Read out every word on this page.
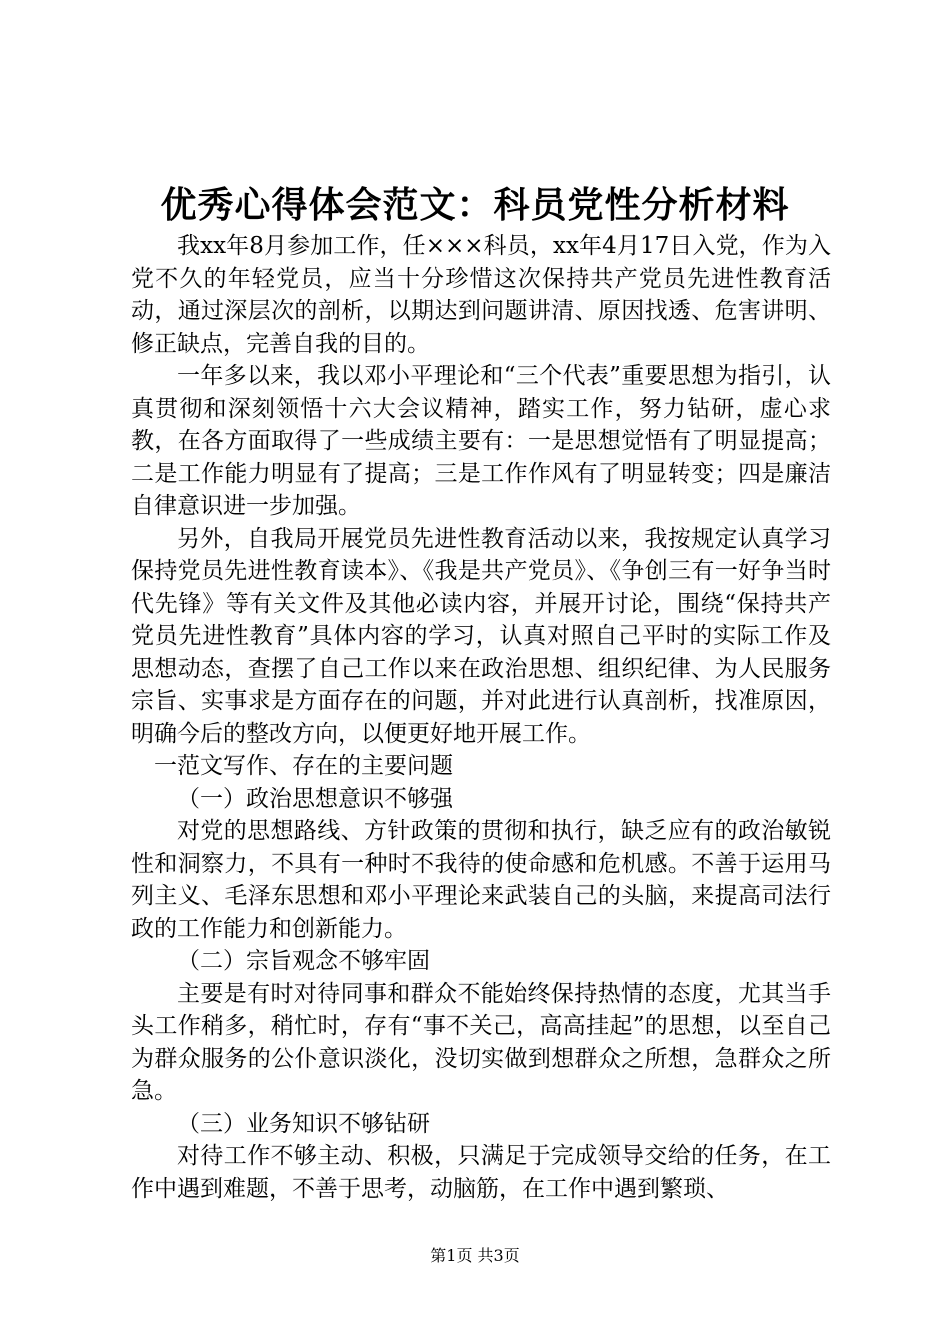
优秀心得体会范文：科员党性分析材料

我xx年8月参加工作，任×××科员，xx年4月17日入党，作为入党不久的年轻党员，应当十分珍惜这次保持共产党员先进性教育活动，通过深层次的剖析，以期达到问题讲清、原因找透、危害讲明、修正缺点，完善自我的目的。

一年多以来，我以邓小平理论和“三个代表”重要思想为指引，认真贯彻和深刻领悟十六大会议精神，踏实工作，努力钻研，虚心求教，在各方面取得了一些成绩主要有：一是思想觉悟有了明显提高；二是工作能力明显有了提高；三是工作作风有了明显转变；四是廉洁自律意识进一步加强。

另外，自我局开展党员先进性教育活动以来，我按规定认真学习保持党员先进性教育读本》、《我是共产党员》、《争创三有一好争当时代先锋》等有关文件及其他必读内容，并展开讨论，围绕“保持共产党员先进性教育”具体内容的学习，认真对照自己平时的实际工作及思想动态，查摆了自己工作以来在政治思想、组织纪律、为人民服务宗旨、实事求是方面存在的问题，并对此进行认真剖析，找准原因，明确今后的整改方向，以便更好地开展工作。

一范文写作、存在的主要问题

（一）政治思想意识不够强

对党的思想路线、方针政策的贯彻和执行，缺乏应有的政治敏锐性和洞察力，不具有一种时不我待的使命感和危机感。不善于运用马列主义、毛泽东思想和邓小平理论来武装自己的头脑，来提高司法行政的工作能力和创新能力。

（二）宗旨观念不够牢固

主要是有时对待同事和群众不能始终保持热情的态度，尤其当手头工作稍多，稍忙时，存有“事不关己，高高挂起”的思想，以至自己为群众服务的公仆意识淡化，没切实做到想群众之所想，急群众之所急。

（三）业务知识不够钻研

对待工作不够主动、积极，只满足于完成领导交给的任务，在工作中遇到难题，不善于思考，动脑筋，在工作中遇到繁琐、

第1页 共3页
